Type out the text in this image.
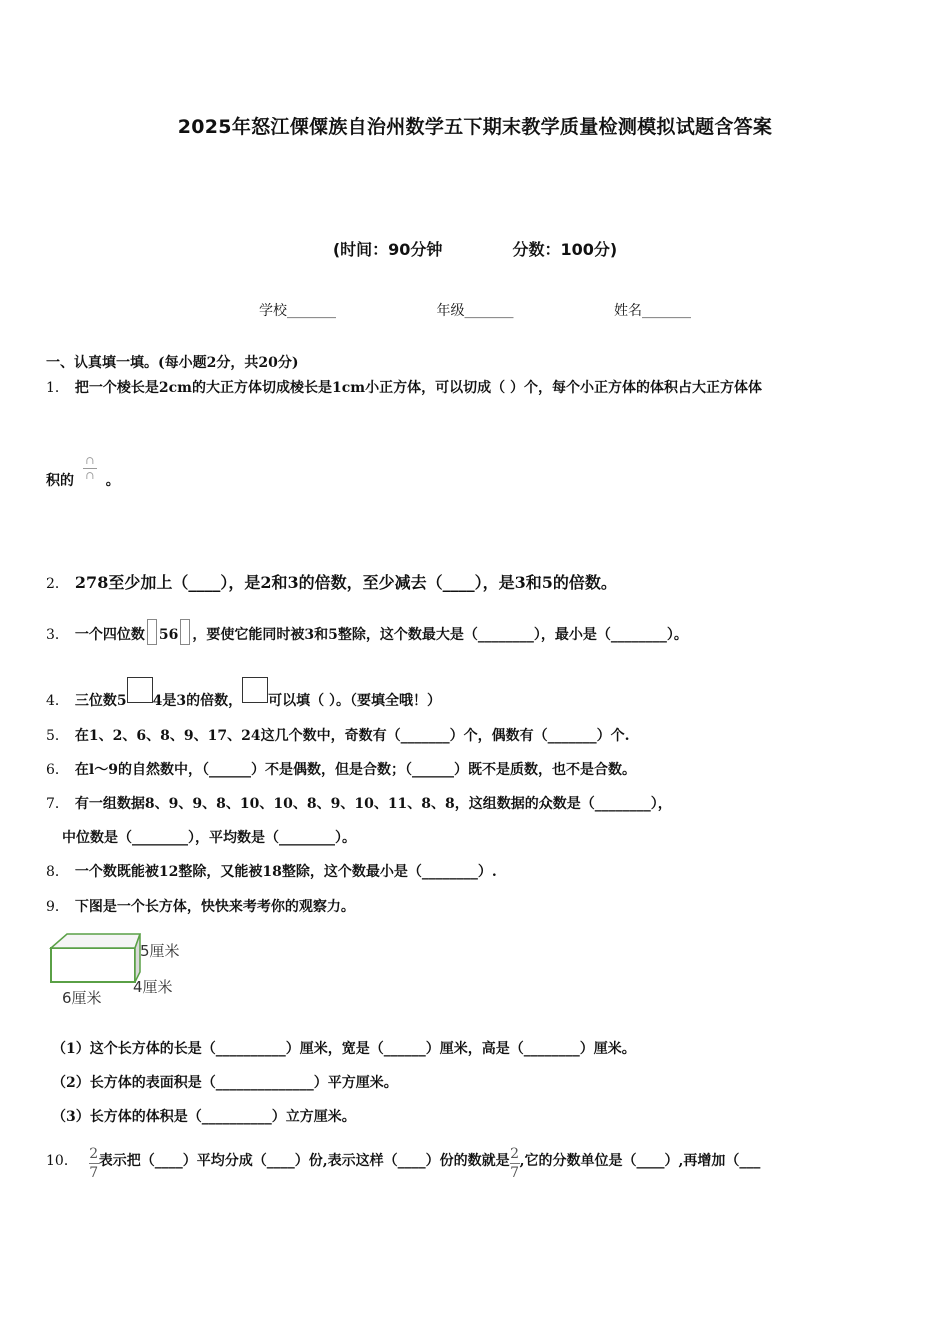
2025年怒江傈僳族自治州数学五下期末教学质量检测模拟试题含答案
(时间：90分钟	分数：100分)
学校_______	年级_______	姓名_______
一、认真填一填。(每小题2分，共20分)
1． 把一个棱长是2cm的大正方体切成棱长是1cm小正方体，可以切成（ ）个，每个小正方体的体积占大正方体体
积的 ∩

∩ 。
2． 278至少加上（____），是2和3的倍数，至少减去（____），是3和5的倍数。
3． 一个四位数 56 ，要使它能同时被3和5整除，这个数最大是（________），最小是（________）。
4． 三位数5 4是3的倍数， 可以填（ ）。（要填全哦！）
5． 在1、2、6、8、9、17、24这几个数中，奇数有（_______）个，偶数有（_______）个.
6． 在l～9的自然数中，（______）不是偶数，但是合数；（______）既不是质数，也不是合数。
7． 有一组数据8、9、9、8、10、10、8、9、10、11、8、8，这组数据的众数是（________），
中位数是（________），平均数是（________）。
8． 一个数既能被12整除，又能被18整除，这个数最小是（________）.
9． 下图是一个长方体，快快来考考你的观察力。
5厘米
4厘米
6厘米
（1）这个长方体的长是（__________）厘米，宽是（______）厘米，高是（________）厘米。
（2）长方体的表面积是（______________）平方厘米。
（3）长方体的体积是（__________）立方厘米。
10． $\frac{2}{7}$ 表示把（____）平均分成（____）份,表示这样（____）份的数就是 $\frac{2}{7}$ ,它的分数单位是（____）,再增加（___
